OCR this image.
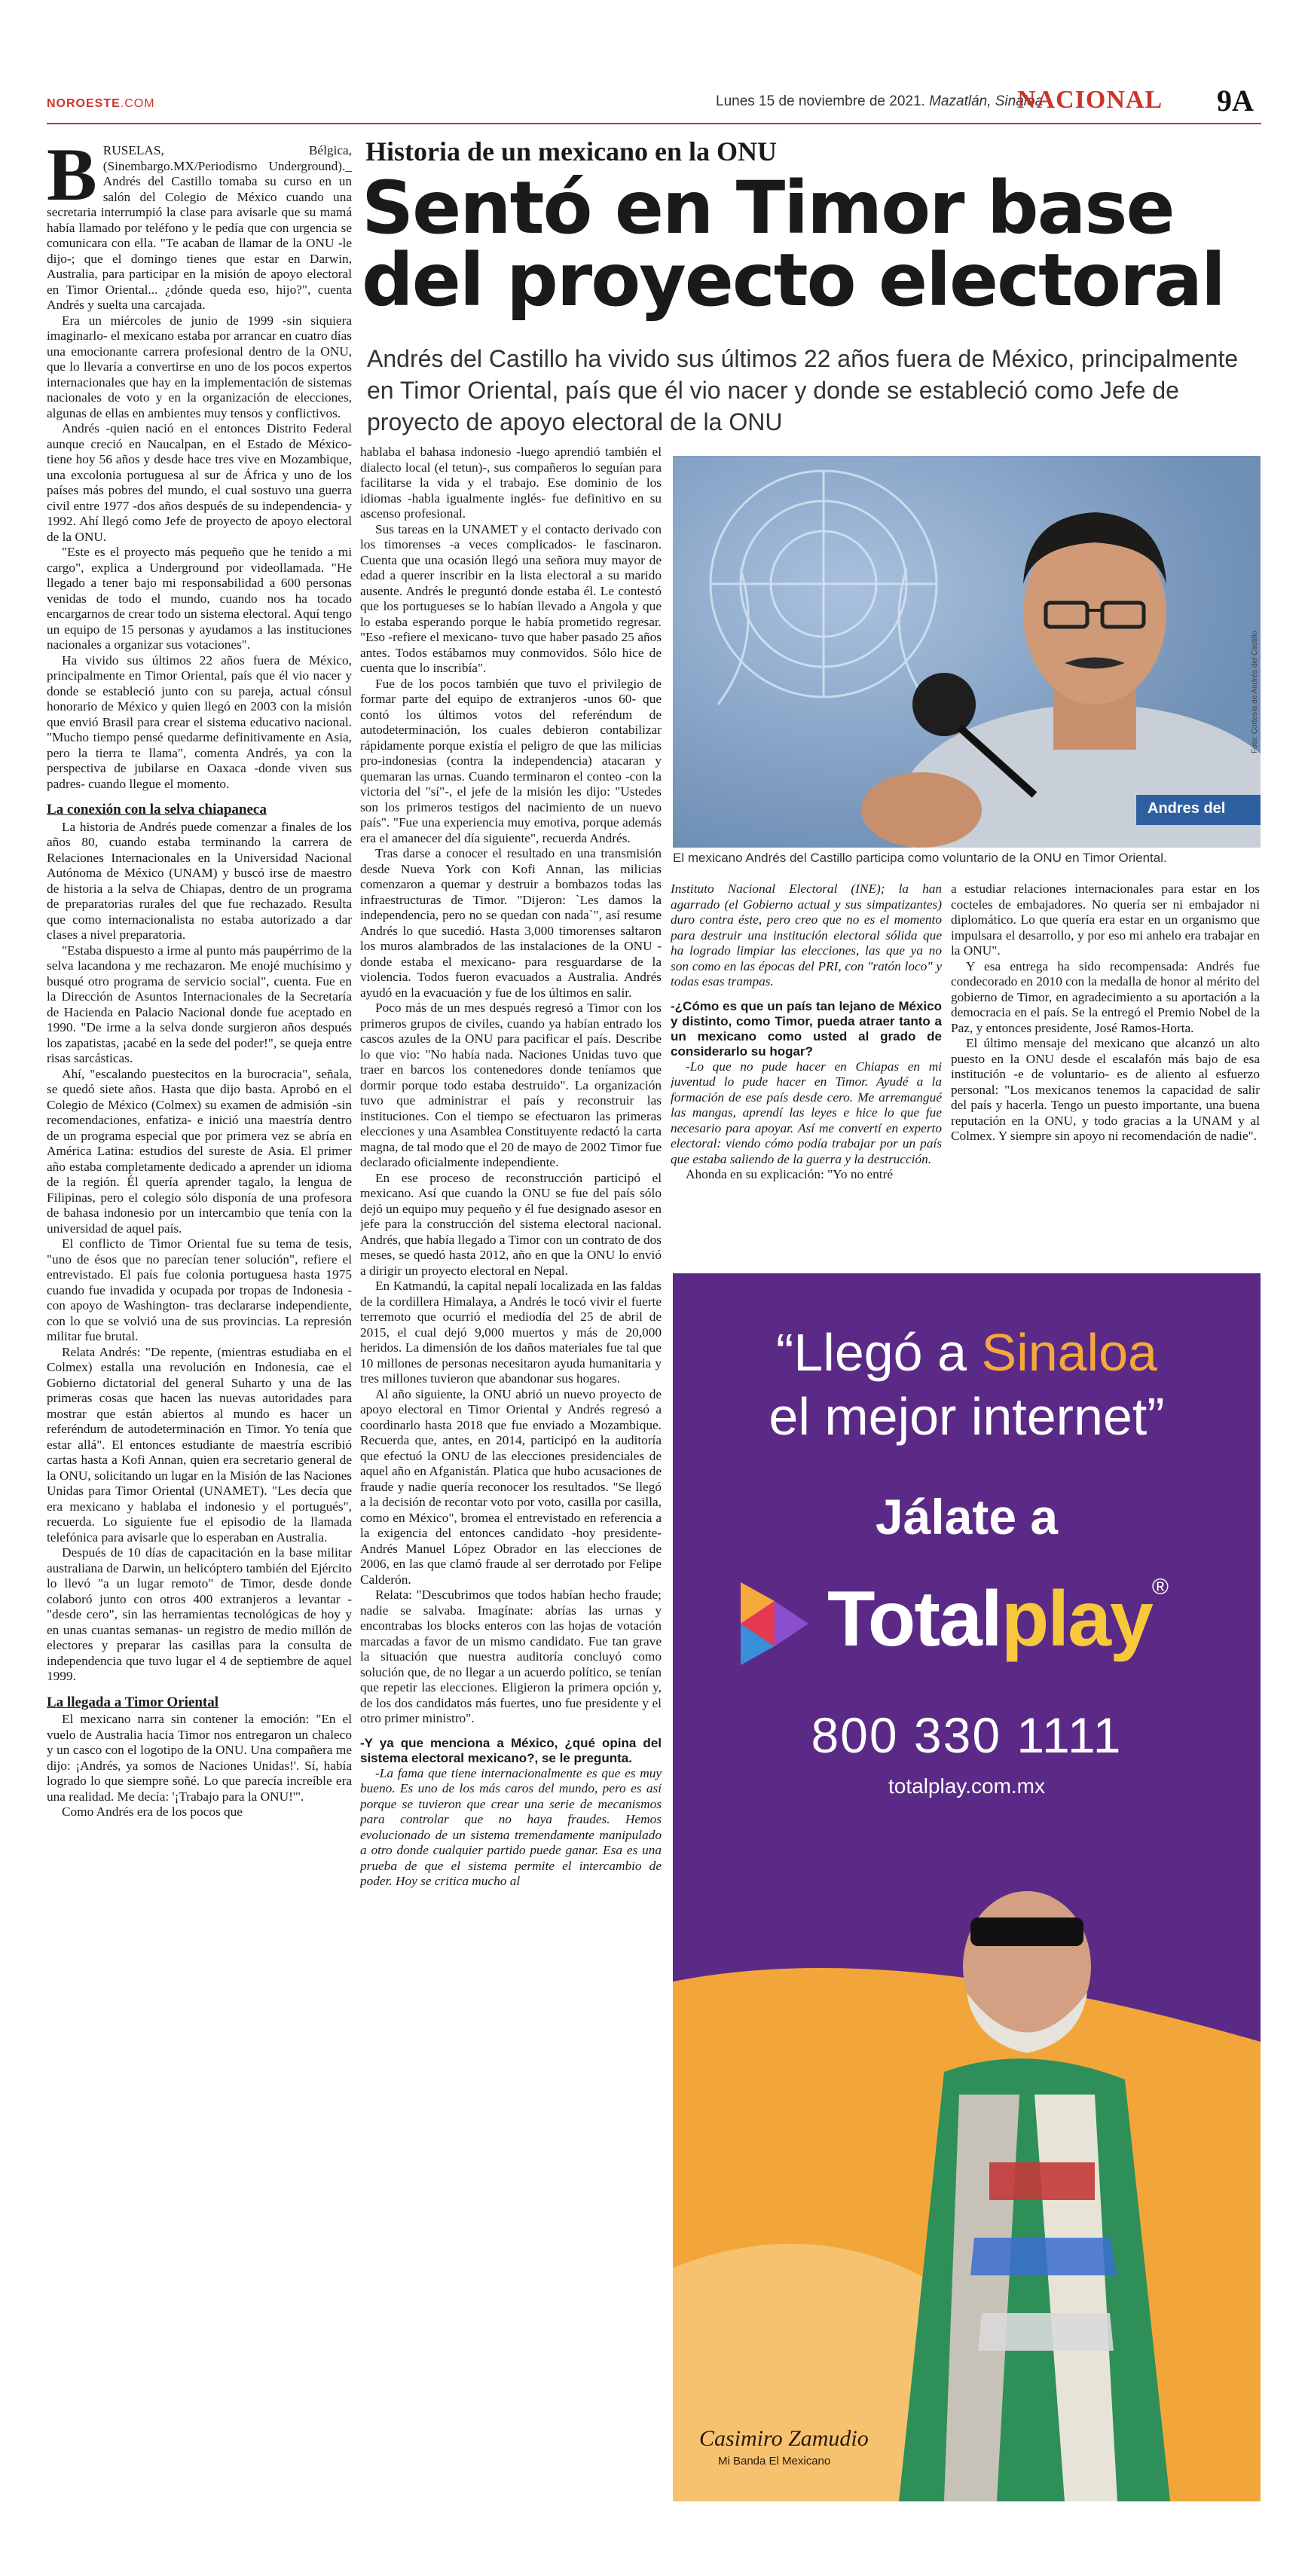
NOROESTE.COM	Lunes 15 de noviembre de 2021. Mazatlán, Sinaloa
NACIONAL 9A
Historia de un mexicano en la ONU
Sentó en Timor base del proyecto electoral
Andrés del Castillo ha vivido sus últimos 22 años fuera de México, principalmente en Timor Oriental, país que él vio nacer y donde se estableció como Jefe de proyecto de apoyo electoral de la ONU

BRUSELAS, Bélgica, (Sinembargo.MX/Periodismo Underground)._ Andrés del Castillo tomaba su curso en un salón del Colegio de México cuando una secretaria interrumpió la clase para avisarle que su mamá había llamado por teléfono y le pedía que con urgencia se comunicara con ella. "Te acaban de llamar de la ONU -le dijo-; que el domingo tienes que estar en Darwin, Australia, para participar en la misión de apoyo electoral en Timor Oriental... ¿dónde queda eso, hijo?", cuenta Andrés y suelta una carcajada.

Era un miércoles de junio de 1999 -sin siquiera imaginarlo- el mexicano estaba por arrancar en cuatro días una emocionante carrera profesional dentro de la ONU, que lo llevaría a convertirse en uno de los pocos expertos internacionales que hay en la implementación de sistemas nacionales de voto y en la organización de elecciones, algunas de ellas en ambientes muy tensos y conflictivos.

Andrés -quien nació en el entonces Distrito Federal aunque creció en Naucalpan, en el Estado de México- tiene hoy 56 años y desde hace tres vive en Mozambique, una excolonia portuguesa al sur de África y uno de los países más pobres del mundo, el cual sostuvo una guerra civil entre 1977 -dos años después de su independencia- y 1992. Ahí llegó como Jefe de proyecto de apoyo electoral de la ONU.

"Este es el proyecto más pequeño que he tenido a mi cargo", explica a Underground por videollamada. "He llegado a tener bajo mi responsabilidad a 600 personas venidas de todo el mundo, cuando nos ha tocado encargarnos de crear todo un sistema electoral. Aquí tengo un equipo de 15 personas y ayudamos a las instituciones nacionales a organizar sus votaciones".

Ha vivido sus últimos 22 años fuera de México, principalmente en Timor Oriental, país que él vio nacer y donde se estableció junto con su pareja, actual cónsul honorario de México y quien llegó en 2003 con la misión que envió Brasil para crear el sistema educativo nacional. "Mucho tiempo pensé quedarme definitivamente en Asia, pero la tierra te llama", comenta Andrés, ya con la perspectiva de jubilarse en Oaxaca -donde viven sus padres- cuando llegue el momento.

La conexión con la selva chiapaneca

La historia de Andrés puede comenzar a finales de los años 80, cuando estaba terminando la carrera de Relaciones Internacionales en la Universidad Nacional Autónoma de México (UNAM) y buscó irse de maestro de historia a la selva de Chiapas, dentro de un programa de preparatorias rurales del que fue rechazado. Resulta que como internacionalista no estaba autorizado a dar clases a nivel preparatoria.

"Estaba dispuesto a irme al punto más paupérrimo de la selva lacandona y me rechazaron. Me enojé muchísimo y busqué otro programa de servicio social", cuenta. Fue en la Dirección de Asuntos Internacionales de la Secretaría de Hacienda en Palacio Nacional donde fue aceptado en 1990. "De irme a la selva donde surgieron años después los zapatistas, ¡acabé en la sede del poder!", se queja entre risas sarcásticas.

Ahí, "escalando puestecitos en la burocracia", señala, se quedó siete años. Hasta que dijo basta. Aprobó en el Colegio de México (Colmex) su examen de admisión -sin recomendaciones, enfatiza- e inició una maestría dentro de un programa especial que por primera vez se abría en América Latina: estudios del sureste de Asia. El primer año estaba completamente dedicado a aprender un idioma de la región. Él quería aprender tagalo, la lengua de Filipinas, pero el colegio sólo disponía de una profesora de bahasa indonesio por un intercambio que tenía con la universidad de aquel país.

El conflicto de Timor Oriental fue su tema de tesis, "uno de ésos que no parecían tener solución", refiere el entrevistado. El país fue colonia portuguesa hasta 1975 cuando fue invadida y ocupada por tropas de Indonesia -con apoyo de Washington- tras declararse independiente, con lo que se volvió una de sus provincias. La represión militar fue brutal.

Relata Andrés: "De repente, (mientras estudiaba en el Colmex) estalla una revolución en Indonesia, cae el Gobierno dictatorial del general Suharto y una de las primeras cosas que hacen las nuevas autoridades para mostrar que están abiertos al mundo es hacer un referéndum de autodeterminación en Timor. Yo tenía que estar allá". El entonces estudiante de maestría escribió cartas hasta a Kofi Annan, quien era secretario general de la ONU, solicitando un lugar en la Misión de las Naciones Unidas para Timor Oriental (UNAMET). "Les decía que era mexicano y hablaba el indonesio y el portugués", recuerda. Lo siguiente fue el episodio de la llamada telefónica para avisarle que lo esperaban en Australia.

Después de 10 días de capacitación en la base militar australiana de Darwin, un helicóptero también del Ejército lo llevó "a un lugar remoto" de Timor, desde donde colaboró junto con otros 400 extranjeros a levantar -"desde cero", sin las herramientas tecnológicas de hoy y en unas cuantas semanas- un registro de medio millón de electores y preparar las casillas para la consulta de independencia que tuvo lugar el 4 de septiembre de aquel 1999.

La llegada a Timor Oriental

El mexicano narra sin contener la emoción: "En el vuelo de Australia hacia Timor nos entregaron un chaleco y un casco con el logotipo de la ONU. Una compañera me dijo: ¡Andrés, ya somos de Naciones Unidas!'. Sí, había logrado lo que siempre soñé. Lo que parecía increíble era una realidad. Me decía: '¡Trabajo para la ONU!'".

Como Andrés era de los pocos que

hablaba el bahasa indonesio -luego aprendió también el dialecto local (el tetun)-, sus compañeros lo seguían para facilitarse la vida y el trabajo. Ese dominio de los idiomas -habla igualmente inglés- fue definitivo en su ascenso profesional.

Sus tareas en la UNAMET y el contacto derivado con los timorenses -a veces complicados- le fascinaron. Cuenta que una ocasión llegó una señora muy mayor de edad a querer inscribir en la lista electoral a su marido ausente. Andrés le preguntó donde estaba él. Le contestó que los portugueses se lo habían llevado a Angola y que lo estaba esperando porque le había prometido regresar. "Eso -refiere el mexicano- tuvo que haber pasado 25 años antes. Todos estábamos muy conmovidos. Sólo hice de cuenta que lo inscribía".

Fue de los pocos también que tuvo el privilegio de formar parte del equipo de extranjeros -unos 60- que contó los últimos votos del referéndum de autodeterminación, los cuales debieron contabilizar rápidamente porque existía el peligro de que las milicias pro-indonesias (contra la independencia) atacaran y quemaran las urnas. Cuando terminaron el conteo -con la victoria del "sí"-, el jefe de la misión les dijo: "Ustedes son los primeros testigos del nacimiento de un nuevo país". "Fue una experiencia muy emotiva, porque además era el amanecer del día siguiente", recuerda Andrés.

Tras darse a conocer el resultado en una transmisión desde Nueva York con Kofi Annan, las milicias comenzaron a quemar y destruir a bombazos todas las infraestructuras de Timor. "Dijeron: `Les damos la independencia, pero no se quedan con nada`", así resume Andrés lo que sucedió. Hasta 3,000 timorenses saltaron los muros alambrados de las instalaciones de la ONU -donde estaba el mexicano- para resguardarse de la violencia. Todos fueron evacuados a Australia. Andrés ayudó en la evacuación y fue de los últimos en salir.

Poco más de un mes después regresó a Timor con los primeros grupos de civiles, cuando ya habían entrado los cascos azules de la ONU para pacificar el país. Describe lo que vio: "No había nada. Naciones Unidas tuvo que traer en barcos los contenedores donde teníamos que dormir porque todo estaba destruido". La organización tuvo que administrar el país y reconstruir las instituciones. Con el tiempo se efectuaron las primeras elecciones y una Asamblea Constituyente redactó la carta magna, de tal modo que el 20 de mayo de 2002 Timor fue declarado oficialmente independiente.

En ese proceso de reconstrucción participó el mexicano. Así que cuando la ONU se fue del país sólo dejó un equipo muy pequeño y él fue designado asesor en jefe para la construcción del sistema electoral nacional. Andrés, que había llegado a Timor con un contrato de dos meses, se quedó hasta 2012, año en que la ONU lo envió a dirigir un proyecto electoral en Nepal.

En Katmandú, la capital nepalí localizada en las faldas de la cordillera Himalaya, a Andrés le tocó vivir el fuerte terremoto que ocurrió el mediodía del 25 de abril de 2015, el cual dejó 9,000 muertos y más de 20,000 heridos. La dimensión de los daños materiales fue tal que 10 millones de personas necesitaron ayuda humanitaria y tres millones tuvieron que abandonar sus hogares.

Al año siguiente, la ONU abrió un nuevo proyecto de apoyo electoral en Timor Oriental y Andrés regresó a coordinarlo hasta 2018 que fue enviado a Mozambique. Recuerda que, antes, en 2014, participó en la auditoría que efectuó la ONU de las elecciones presidenciales de aquel año en Afganistán. Platica que hubo acusaciones de fraude y nadie quería reconocer los resultados. "Se llegó a la decisión de recontar voto por voto, casilla por casilla, como en México", bromea el entrevistado en referencia a la exigencia del entonces candidato -hoy presidente- Andrés Manuel López Obrador en las elecciones de 2006, en las que clamó fraude al ser derrotado por Felipe Calderón.

Relata: "Descubrimos que todos habían hecho fraude; nadie se salvaba. Imagínate: abrías las urnas y encontrabas los blocks enteros con las hojas de votación marcadas a favor de un mismo candidato. Fue tan grave la situación que nuestra auditoría concluyó como solución que, de no llegar a un acuerdo político, se tenían que repetir las elecciones. Eligieron la primera opción y, de los dos candidatos más fuertes, uno fue presidente y el otro primer ministro".

-Y ya que menciona a México, ¿qué opina del sistema electoral mexicano?, se le pregunta.

-La fama que tiene internacionalmente es que es muy bueno. Es uno de los más caros del mundo, pero es así porque se tuvieron que crear una serie de mecanismos para controlar que no haya fraudes. Hemos evolucionado de un sistema tremendamente manipulado a otro donde cualquier partido puede ganar. Esa es una prueba de que el sistema permite el intercambio de poder. Hoy se critica mucho al

Andres del
Foto: Cortesía de Andrés del Castillo
El mexicano Andrés del Castillo participa como voluntario de la ONU en Timor Oriental.

Instituto Nacional Electoral (INE); la han agarrado (el Gobierno actual y sus simpatizantes) duro contra éste, pero creo que no es el momento para destruir una institución electoral sólida que ha logrado limpiar las elecciones, las que ya no son como en las épocas del PRI, con "ratón loco" y todas esas trampas.

-¿Cómo es que un país tan lejano de México y distinto, como Timor, pueda atraer tanto a un mexicano como usted al grado de considerarlo su hogar?

-Lo que no pude hacer en Chiapas en mi juventud lo pude hacer en Timor. Ayudé a la formación de ese país desde cero. Me arremangué las mangas, aprendí las leyes e hice lo que fue necesario para apoyar. Así me convertí en experto electoral: viendo cómo podía trabajar por un país que estaba saliendo de la guerra y la destrucción.

Ahonda en su explicación: "Yo no entré

a estudiar relaciones internacionales para estar en los cocteles de embajadores. No quería ser ni embajador ni diplomático. Lo que quería era estar en un organismo que impulsara el desarrollo, y por eso mi anhelo era trabajar en la ONU".

Y esa entrega ha sido recompensada: Andrés fue condecorado en 2010 con la medalla de honor al mérito del gobierno de Timor, en agradecimiento a su aportación a la democracia en el país. Se la entregó el Premio Nobel de la Paz, y entonces presidente, José Ramos-Horta.

El último mensaje del mexicano que alcanzó un alto puesto en la ONU desde el escalafón más bajo de esa institución -e de voluntario- es de aliento al esfuerzo personal: "Los mexicanos tenemos la capacidad de salir del país y hacerla. Tengo un puesto importante, una buena reputación en la ONU, y todo gracias a la UNAM y al Colmex. Y siempre sin apoyo ni recomendación de nadie".

“Llegó a Sinaloa
el mejor internet”
Jálate a
Totalplay®
800 330 1111
totalplay.com.mx
Casimiro Zamudio
Mi Banda El Mexicano
